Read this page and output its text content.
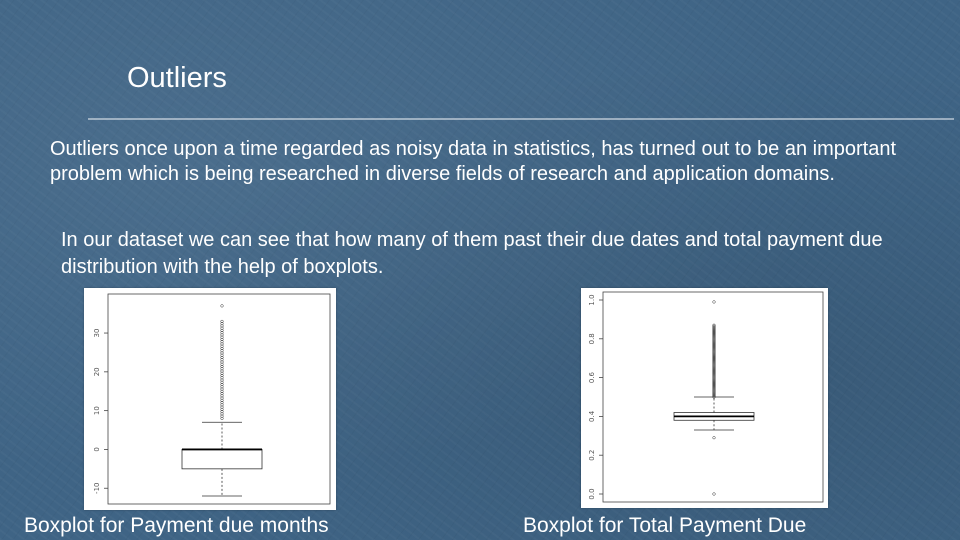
Outliers
Outliers once upon a time regarded as noisy data in statistics, has turned out to be an important problem which is being researched in diverse fields of research and application domains.
In our dataset we can see that how many of them past their due dates and total payment due distribution with the help of boxplots.
-10
0
10
20
30
0.0
0.2
0.4
0.6
0.8
1.0
Boxplot for Payment due months	Boxplot for Total Payment Due
